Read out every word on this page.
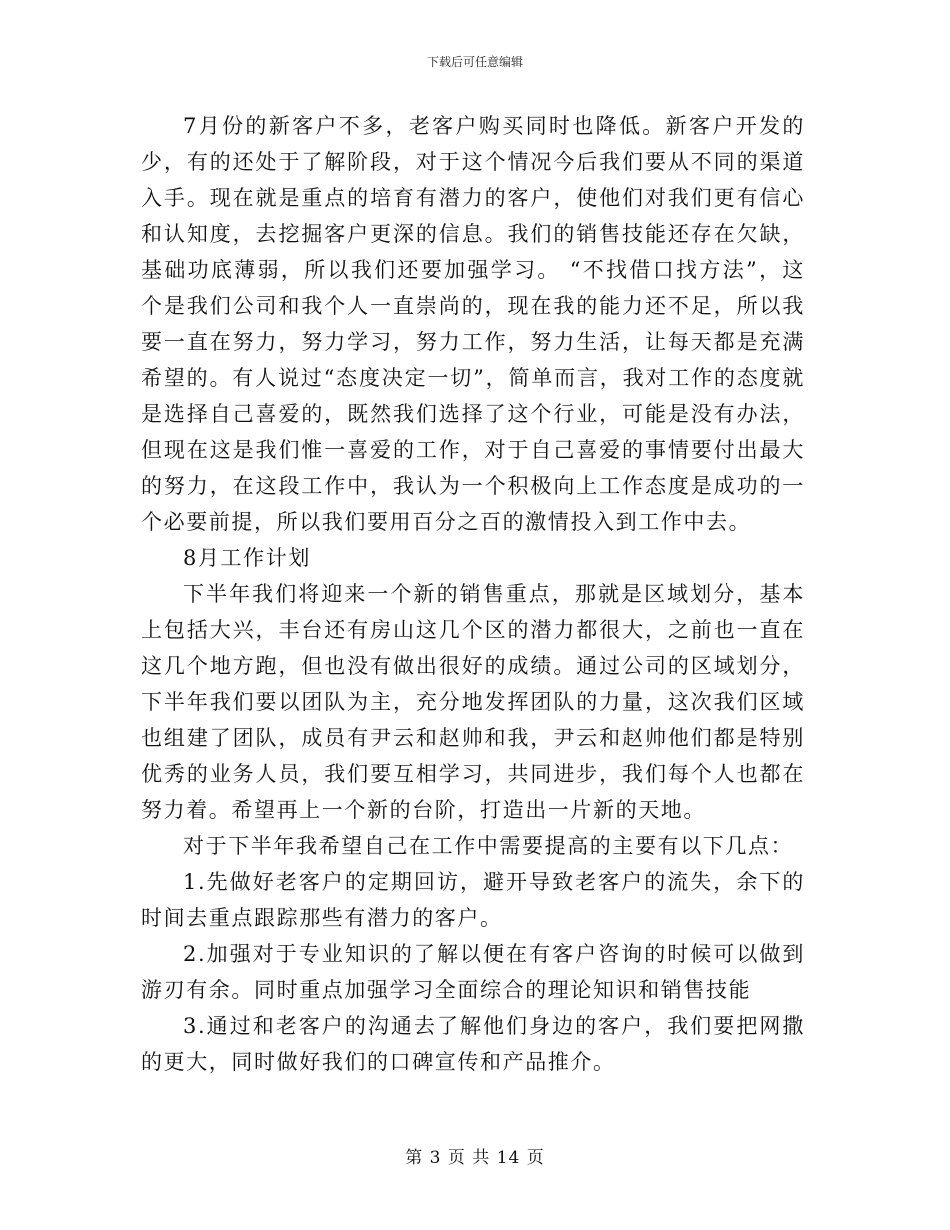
下载后可任意编辑

7月份的新客户不多，老客户购买同时也降低。新客户开发的少，有的还处于了解阶段，对于这个情况今后我们要从不同的渠道入手。现在就是重点的培育有潜力的客户，使他们对我们更有信心和认知度，去挖掘客户更深的信息。我们的销售技能还存在欠缺，基础功底薄弱，所以我们还要加强学习。 “不找借口找方法”，这个是我们公司和我个人一直崇尚的，现在我的能力还不足，所以我要一直在努力，努力学习，努力工作，努力生活，让每天都是充满希望的。有人说过“态度决定一切”，简单而言，我对工作的态度就是选择自己喜爱的，既然我们选择了这个行业，可能是没有办法，但现在这是我们惟一喜爱的工作，对于自己喜爱的事情要付出最大的努力，在这段工作中，我认为一个积极向上工作态度是成功的一个必要前提，所以我们要用百分之百的激情投入到工作中去。

8月工作计划

下半年我们将迎来一个新的销售重点，那就是区域划分，基本上包括大兴，丰台还有房山这几个区的潜力都很大，之前也一直在这几个地方跑，但也没有做出很好的成绩。通过公司的区域划分，下半年我们要以团队为主，充分地发挥团队的力量，这次我们区域也组建了团队，成员有尹云和赵帅和我，尹云和赵帅他们都是特别优秀的业务人员，我们要互相学习，共同进步，我们每个人也都在努力着。希望再上一个新的台阶，打造出一片新的天地。

对于下半年我希望自己在工作中需要提高的主要有以下几点：

1.先做好老客户的定期回访，避开导致老客户的流失，余下的时间去重点跟踪那些有潜力的客户。

2.加强对于专业知识的了解以便在有客户咨询的时候可以做到游刃有余。同时重点加强学习全面综合的理论知识和销售技能

3.通过和老客户的沟通去了解他们身边的客户，我们要把网撒的更大，同时做好我们的口碑宣传和产品推介。

第 3 页 共 14 页
